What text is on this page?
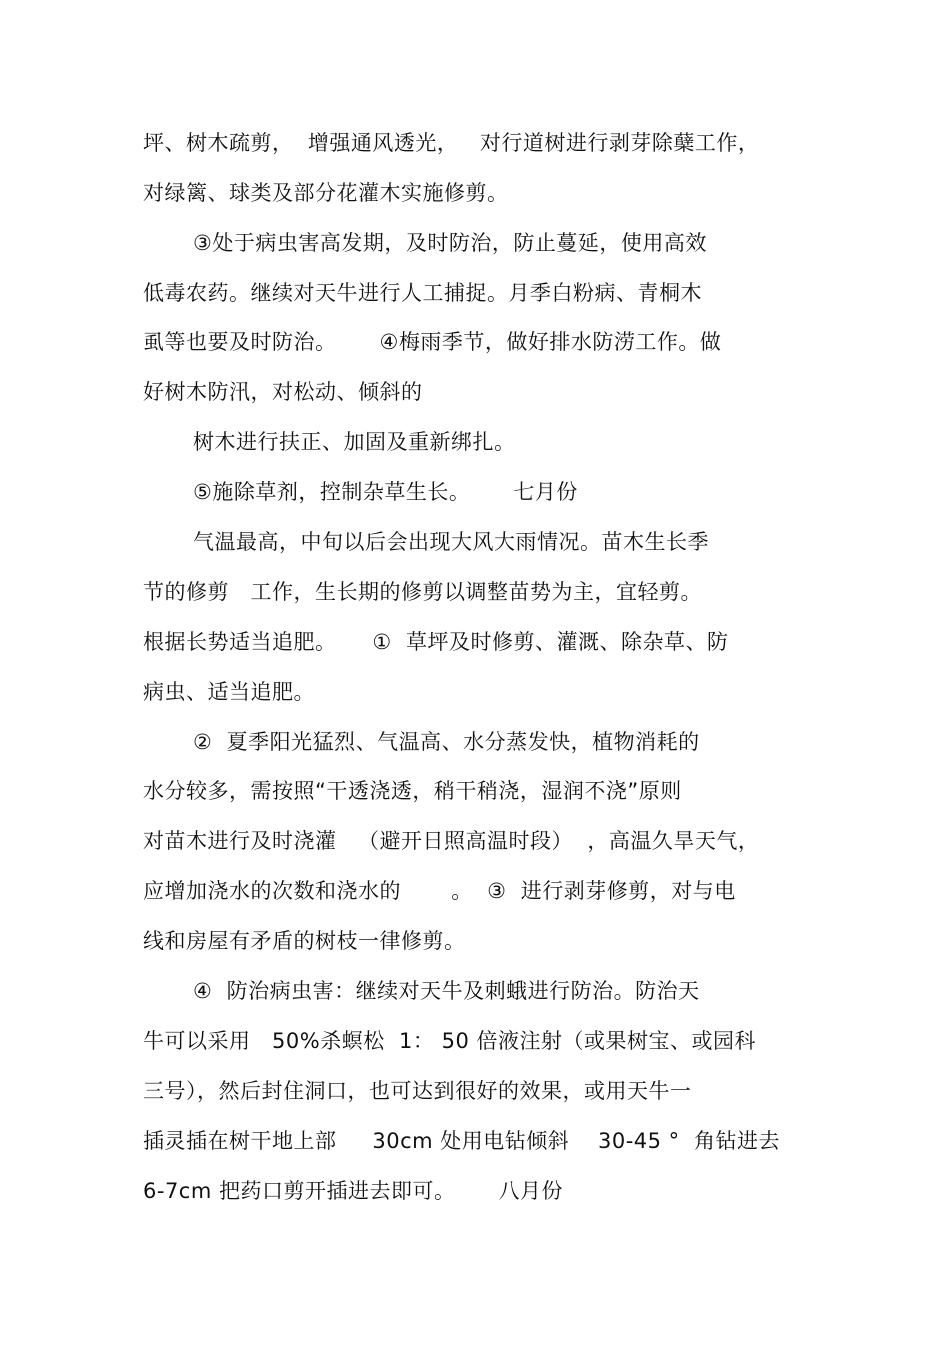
坪、树木疏剪，  增强通风透光，   对行道树进行剥芽除蘖工作，
对绿篱、球类及部分花灌木实施修剪。
③处于病虫害高发期，及时防治，防止蔓延，使用高效
低毒农药。继续对天牛进行人工捕捉。月季白粉病、青桐木
虱等也要及时防治。      ④梅雨季节，做好排水防涝工作。做
好树木防汛，对松动、倾斜的
树木进行扶正、加固及重新绑扎。
⑤施除草剂，控制杂草生长。      七月份
气温最高，中旬以后会出现大风大雨情况。苗木生长季
节的修剪   工作，生长期的修剪以调整苗势为主，宜轻剪。
根据长势适当追肥。     ①  草坪及时修剪、灌溉、除杂草、防
病虫、适当追肥。
②  夏季阳光猛烈、气温高、水分蒸发快，植物消耗的
水分较多，需按照“干透浇透，稍干稍浇，湿润不浇”原则
对苗木进行及时浇灌   （避开日照高温时段）  ，高温久旱天气，
应增加浇水的次数和浇水的       。  ③  进行剥芽修剪，对与电
线和房屋有矛盾的树枝一律修剪。
④  防治病虫害：继续对天牛及刺蛾进行防治。防治天
牛可以采用   50%杀螟松  1： 50 倍液注射（或果树宝、或园科
三号），然后封住洞口，也可达到很好的效果，或用天牛一
插灵插在树干地上部     30cm 处用电钻倾斜    30-45 °  角钻进去
6-7cm 把药口剪开插进去即可。      八月份
